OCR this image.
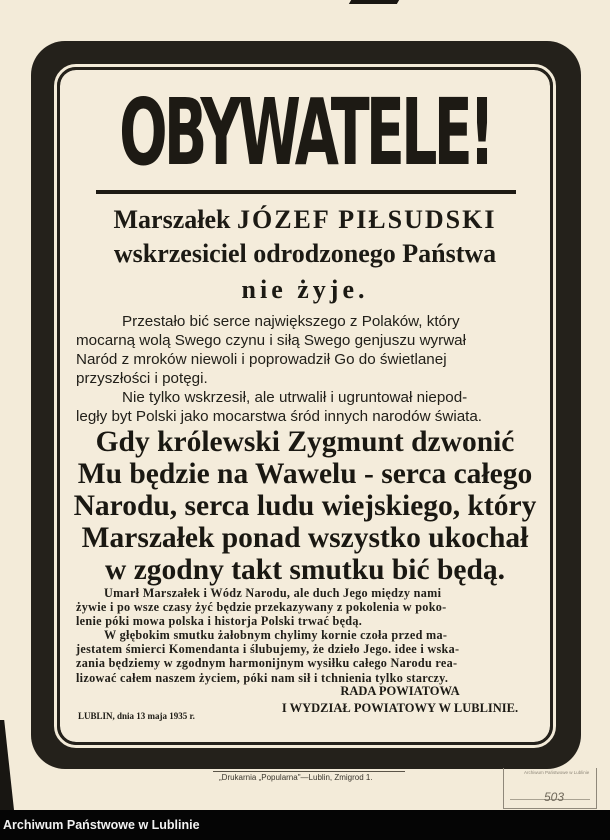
OBYWATELE!
Marszałek JÓZEF PIŁSUDSKI
wskrzesiciel odrodzonego Państwa
nie żyje.
Przestało bić serce największego z Polaków, który
mocarną wolą Swego czynu i siłą Swego genjuszu wyrwał
Naród z mroków niewoli i poprowadził Go do świetlanej
przyszłości i potęgi.
Nie tylko wskrzesił, ale utrwalił i ugruntował niepod-
legły byt Polski jako mocarstwa śród innych narodów świata.
Gdy królewski Zygmunt dzwonić
Mu będzie na Wawelu - serca całego
Narodu, serca ludu wiejskiego, który
Marszałek ponad wszystko ukochał
w zgodny takt smutku bić będą.
Umarł Marszałek i Wódz Narodu, ale duch Jego między nami
żywie i po wsze czasy żyć będzie przekazywany z pokolenia w poko-
lenie póki mowa polska i historja Polski trwać będą.
W głębokim smutku żałobnym chylimy kornie czoła przed ma-
jestatem śmierci Komendanta i ślubujemy, że dzieło Jego. idee i wska-
zania będziemy w zgodnym harmonijnym wysiłku całego Narodu rea-
lizować całem naszem życiem, póki nam sił i tchnienia tylko starczy.
RADA POWIATOWA
I WYDZIAŁ POWIATOWY W LUBLINIE.
LUBLIN, dnia 13 maja 1935 r.
„Drukarnia „Popularna"—Lublin, Zmigrod 1.
Archiwum Państwowe w Lublinie
503
Archiwum Państwowe w Lublinie
